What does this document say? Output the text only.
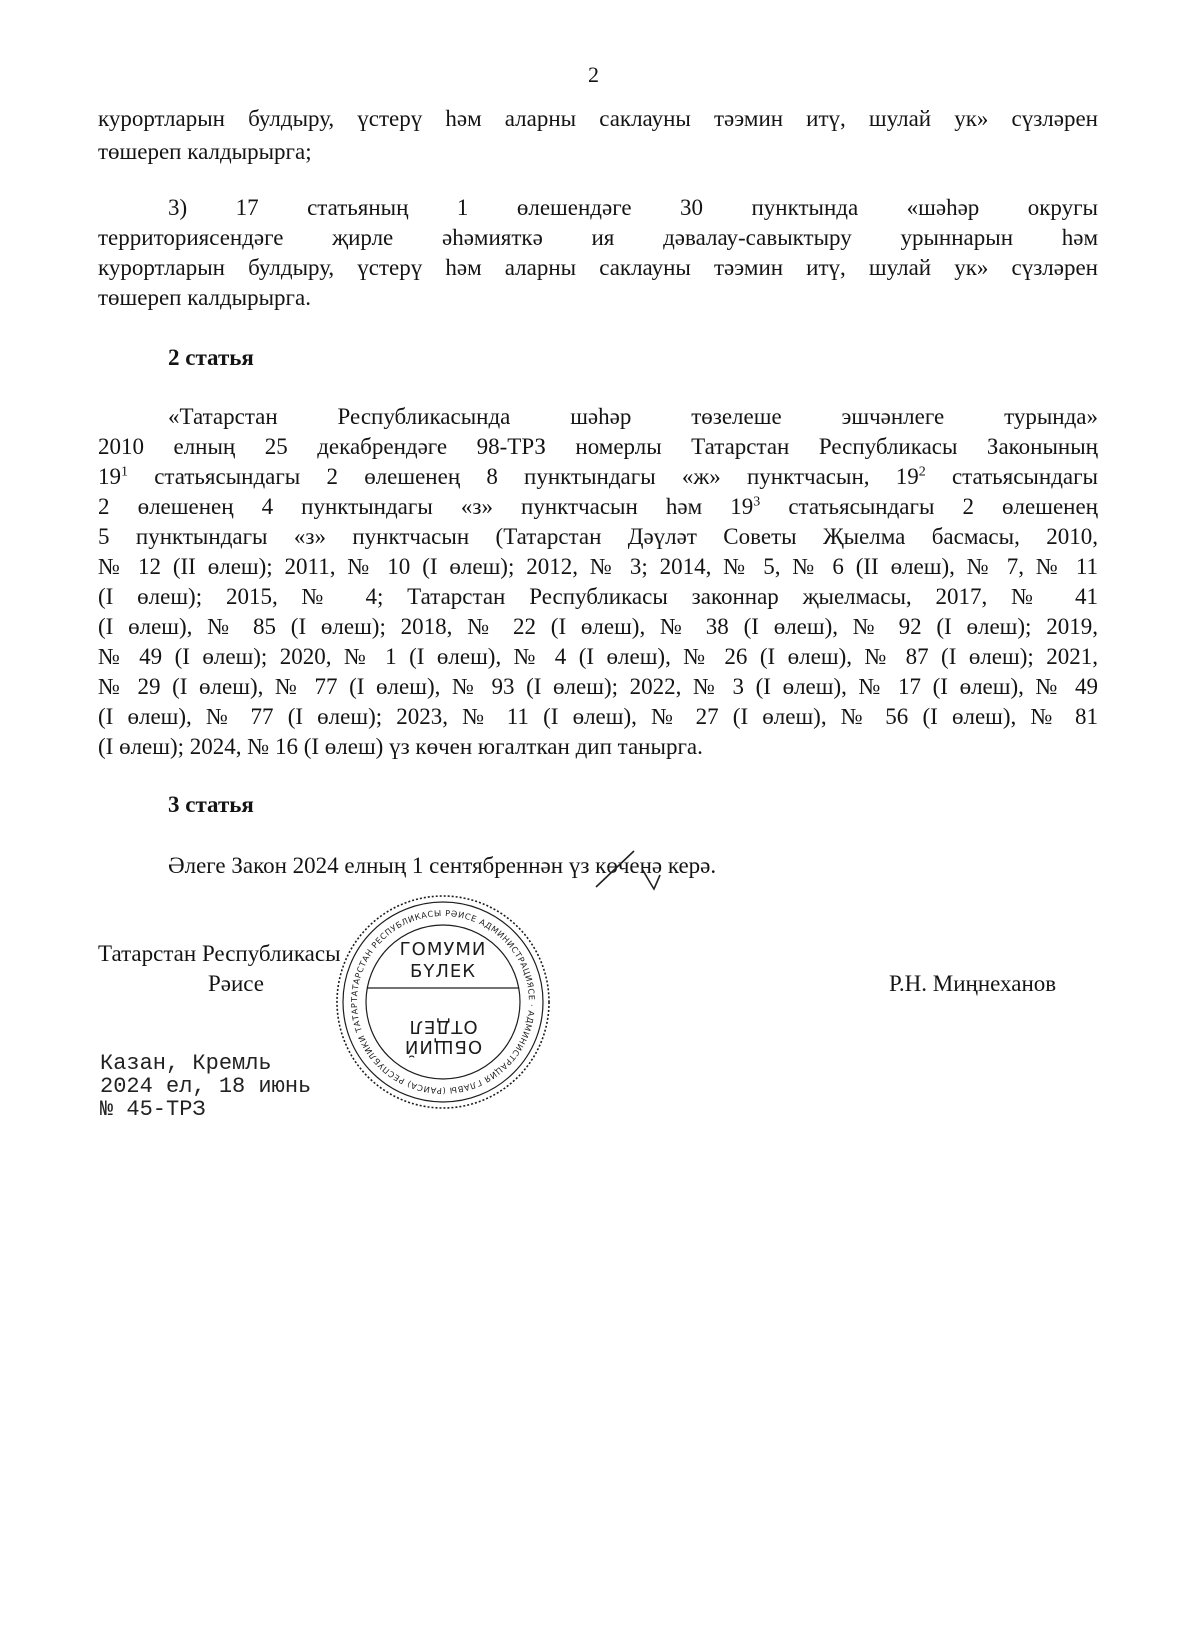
2
курортларын булдыру, үстерү һәм аларны саклауны тәэмин итү, шулай ук» сүзләрен
төшереп калдырырга;
3) 17 статьяның 1 өлешендәге 30 пунктында «шәһәр округы
территориясендәге җирле әһәмияткә ия дәвалау-савыктыру урыннарын һәм
курортларын булдыру, үстерү һәм аларны саклауны тәэмин итү, шулай ук» сүзләрен
төшереп калдырырга.
2 статья
«Татарстан Республикасында шәһәр төзелеше эшчәнлеге турында»
2010 елның 25 декабрендәге 98-ТРЗ номерлы Татарстан Республикасы Законының
$19^1$ статьясындагы 2 өлешенең 8 пунктындагы «ж» пунктчасын, $19^2$ статьясындагы
2 өлешенең 4 пунктындагы «з» пунктчасын һәм $19^3$ статьясындагы 2 өлешенең
5 пунктындагы «з» пунктчасын (Татарстан Дәүләт Советы Җыелма басмасы, 2010,
№ 12 (II өлеш); 2011, № 10 (I өлеш); 2012, № 3; 2014, № 5, № 6 (II өлеш), № 7, № 11
(I өлеш); 2015, № 4; Татарстан Республикасы законнар җыелмасы, 2017, № 41
(I өлеш), № 85 (I өлеш); 2018, № 22 (I өлеш), № 38 (I өлеш), № 92 (I өлеш); 2019,
№ 49 (I өлеш); 2020, № 1 (I өлеш), № 4 (I өлеш), № 26 (I өлеш), № 87 (I өлеш); 2021,
№ 29 (I өлеш), № 77 (I өлеш), № 93 (I өлеш); 2022, № 3 (I өлеш), № 17 (I өлеш), № 49
(I өлеш), № 77 (I өлеш); 2023, № 11 (I өлеш), № 27 (I өлеш), № 56 (I өлеш), № 81
(I өлеш); 2024, № 16 (I өлеш) үз көчен югалткан дип танырга.
3 статья
Әлеге Закон 2024 елның 1 сентябреннән үз көченә керә.
Татарстан Республикасы
Рәисе	Р.Н. Миңнеханов
ТАТАРСТАН РЕСПУБЛИКАСЫ РӘИСЕ АДМИНИСТРАЦИЯСЕ · АДМИНИСТРАЦИЯ ГЛАВЫ (РАИСА) РЕСПУБЛИКИ ТАТАР
ГОМУМИ
БҮЛЕК
ОТДЕЛ
ОБЩИЙ
Казан, Кремль
2024 ел, 18 июнь
№ 45-ТРЗ
